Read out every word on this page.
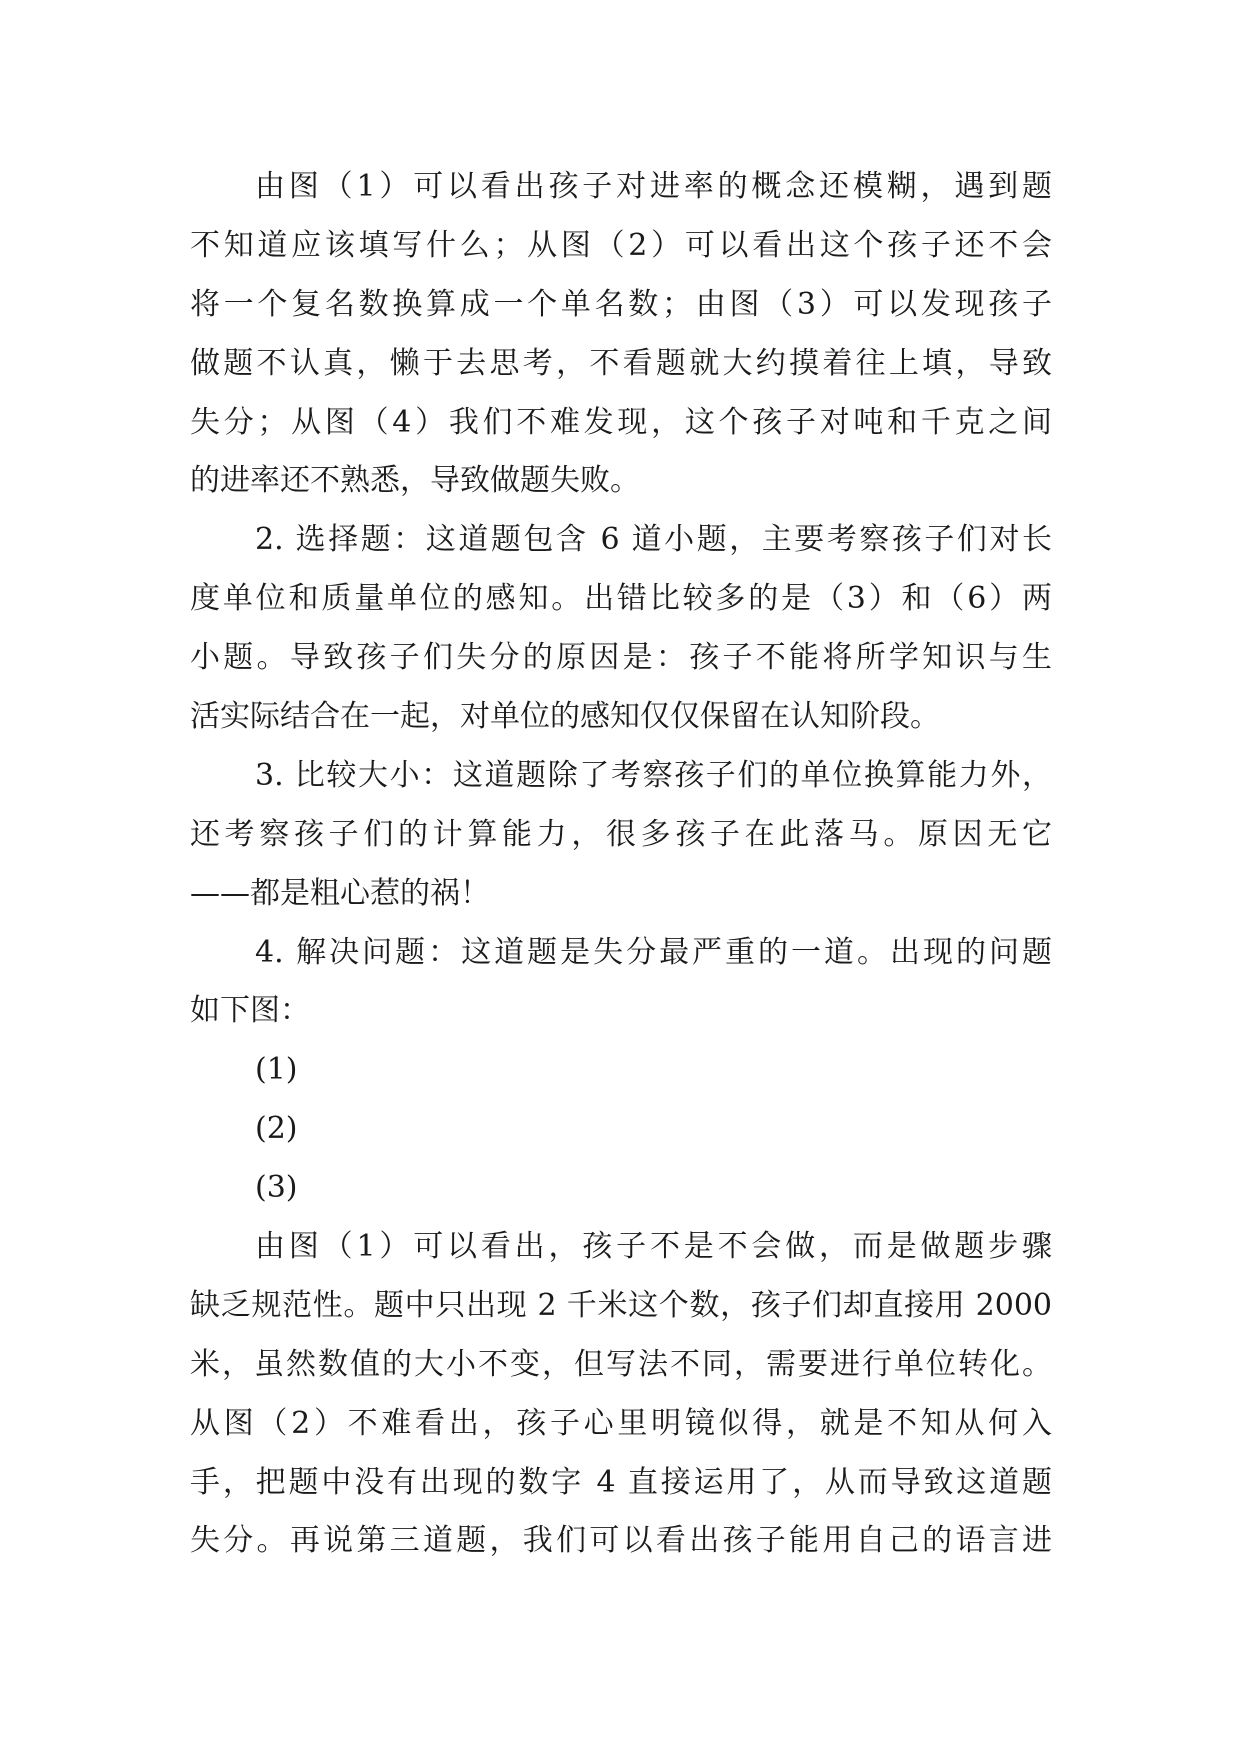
由图（1）可以看出孩子对进率的概念还模糊，遇到题
不知道应该填写什么；从图（2）可以看出这个孩子还不会
将一个复名数换算成一个单名数；由图（3）可以发现孩子
做题不认真，懒于去思考，不看题就大约摸着往上填，导致
失分；从图（4）我们不难发现，这个孩子对吨和千克之间
的进率还不熟悉，导致做题失败。
2. 选择题：这道题包含 6 道小题，主要考察孩子们对长
度单位和质量单位的感知。出错比较多的是（3）和（6）两
小题。导致孩子们失分的原因是：孩子不能将所学知识与生
活实际结合在一起，对单位的感知仅仅保留在认知阶段。
3. 比较大小：这道题除了考察孩子们的单位换算能力外，
还考察孩子们的计算能力，很多孩子在此落马。原因无它
——都是粗心惹的祸！
4. 解决问题：这道题是失分最严重的一道。出现的问题
如下图：
(1)
(2)
(3)
由图（1）可以看出，孩子不是不会做，而是做题步骤
缺乏规范性。题中只出现 2 千米这个数，孩子们却直接用 2000
米，虽然数值的大小不变，但写法不同，需要进行单位转化。
从图（2）不难看出，孩子心里明镜似得，就是不知从何入
手，把题中没有出现的数字 4 直接运用了，从而导致这道题
失分。再说第三道题，我们可以看出孩子能用自己的语言进
